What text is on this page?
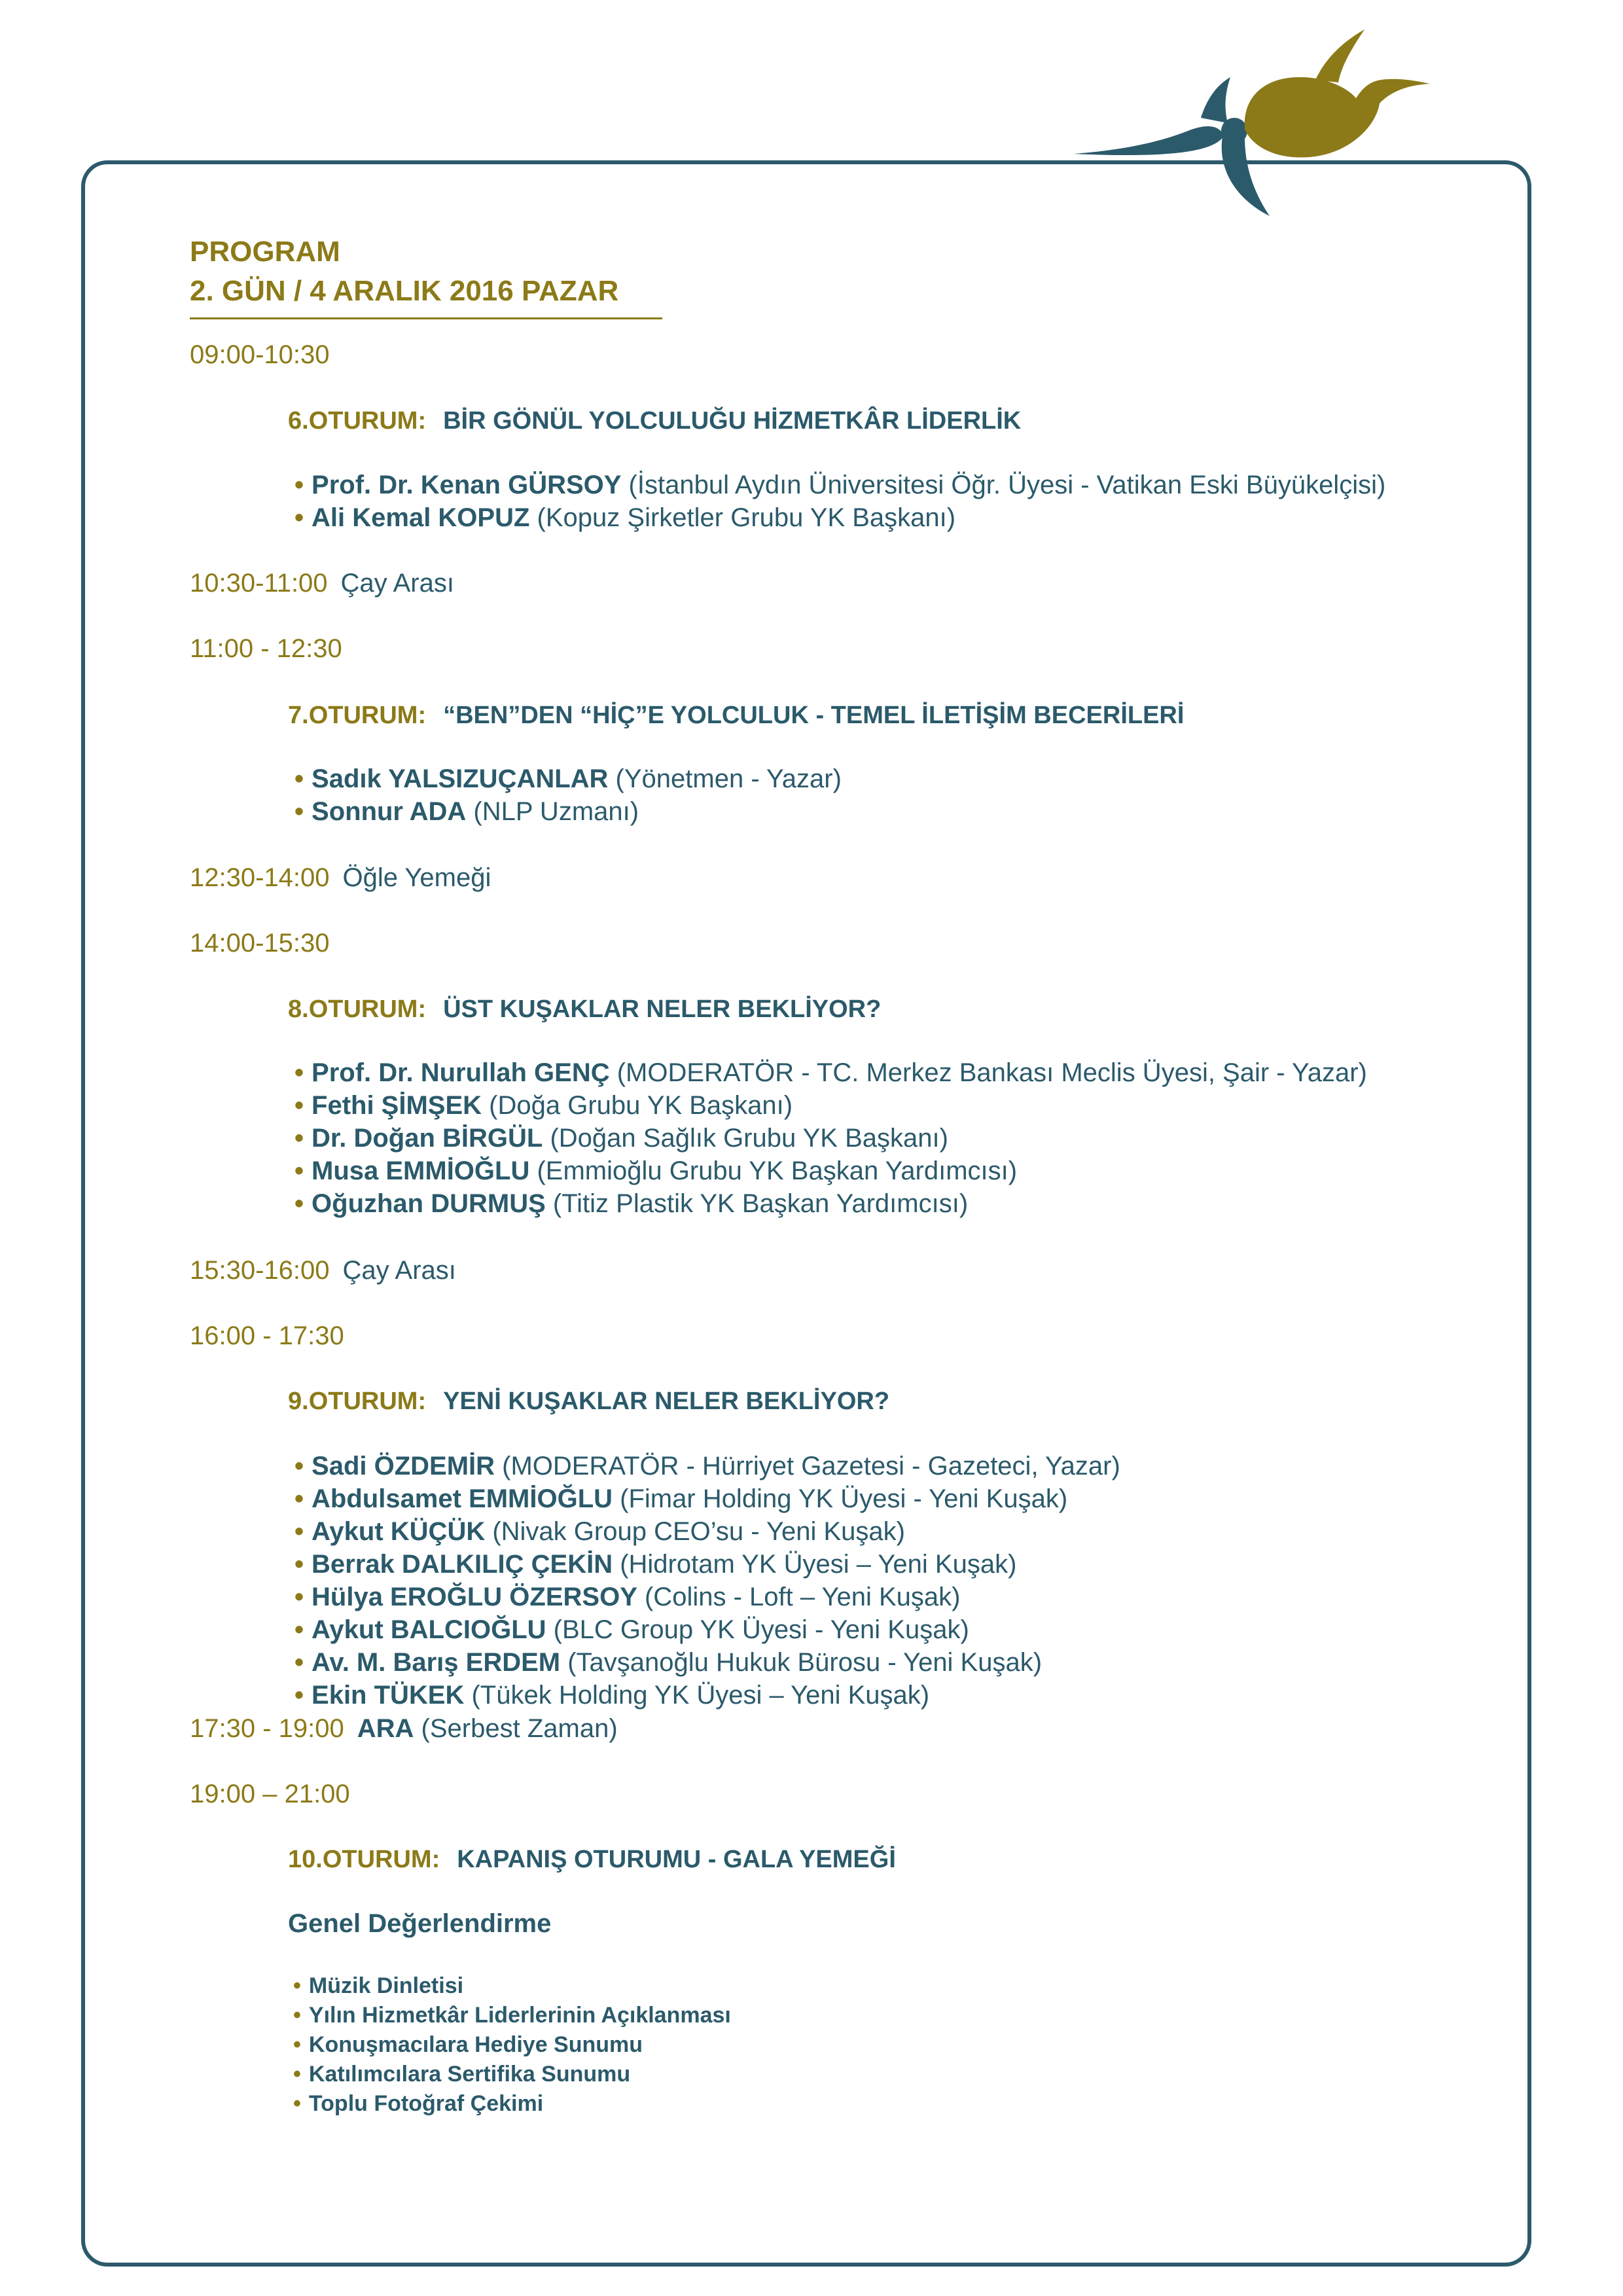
PROGRAM
2. GÜN / 4 ARALIK 2016 PAZAR
09:00-10:30
6.OTURUM: BİR GÖNÜL YOLCULUĞU HİZMETKÂR LİDERLİK
• Prof. Dr. Kenan GÜRSOY (İstanbul Aydın Üniversitesi Öğr. Üyesi - Vatikan Eski Büyükelçisi)
• Ali Kemal KOPUZ (Kopuz Şirketler Grubu YK Başkanı)
10:30-11:00 Çay Arası
11:00 - 12:30
7.OTURUM: “BEN”DEN “HİÇ”E YOLCULUK - TEMEL İLETİŞİM BECERİLERİ
• Sadık YALSIZUÇANLAR (Yönetmen - Yazar)
• Sonnur ADA (NLP Uzmanı)
12:30-14:00 Öğle Yemeği
14:00-15:30
8.OTURUM: ÜST KUŞAKLAR NELER BEKLİYOR?
• Prof. Dr. Nurullah GENÇ (MODERATÖR - TC. Merkez Bankası Meclis Üyesi, Şair - Yazar)
• Fethi ŞİMŞEK (Doğa Grubu YK Başkanı)
• Dr. Doğan BİRGÜL (Doğan Sağlık Grubu YK Başkanı)
• Musa EMMİOĞLU (Emmioğlu Grubu YK Başkan Yardımcısı)
• Oğuzhan DURMUŞ (Titiz Plastik YK Başkan Yardımcısı)
15:30-16:00 Çay Arası
16:00 - 17:30
9.OTURUM: YENİ KUŞAKLAR NELER BEKLİYOR?
• Sadi ÖZDEMİR (MODERATÖR - Hürriyet Gazetesi - Gazeteci, Yazar)
• Abdulsamet EMMİOĞLU (Fimar Holding YK Üyesi - Yeni Kuşak)
• Aykut KÜÇÜK (Nivak Group CEO’su - Yeni Kuşak)
• Berrak DALKILIÇ ÇEKİN (Hidrotam YK Üyesi – Yeni Kuşak)
• Hülya EROĞLU ÖZERSOY (Colins - Loft – Yeni Kuşak)
• Aykut BALCIOĞLU (BLC Group YK Üyesi - Yeni Kuşak)
• Av. M. Barış ERDEM (Tavşanoğlu Hukuk Bürosu - Yeni Kuşak)
• Ekin TÜKEK (Tükek Holding YK Üyesi – Yeni Kuşak)
17:30 - 19:00 ARA (Serbest Zaman)
19:00 – 21:00
10.OTURUM: KAPANIŞ OTURUMU - GALA YEMEĞİ
Genel Değerlendirme
• Müzik Dinletisi
• Yılın Hizmetkâr Liderlerinin Açıklanması
• Konuşmacılara Hediye Sunumu
• Katılımcılara Sertifika Sunumu
• Toplu Fotoğraf Çekimi
